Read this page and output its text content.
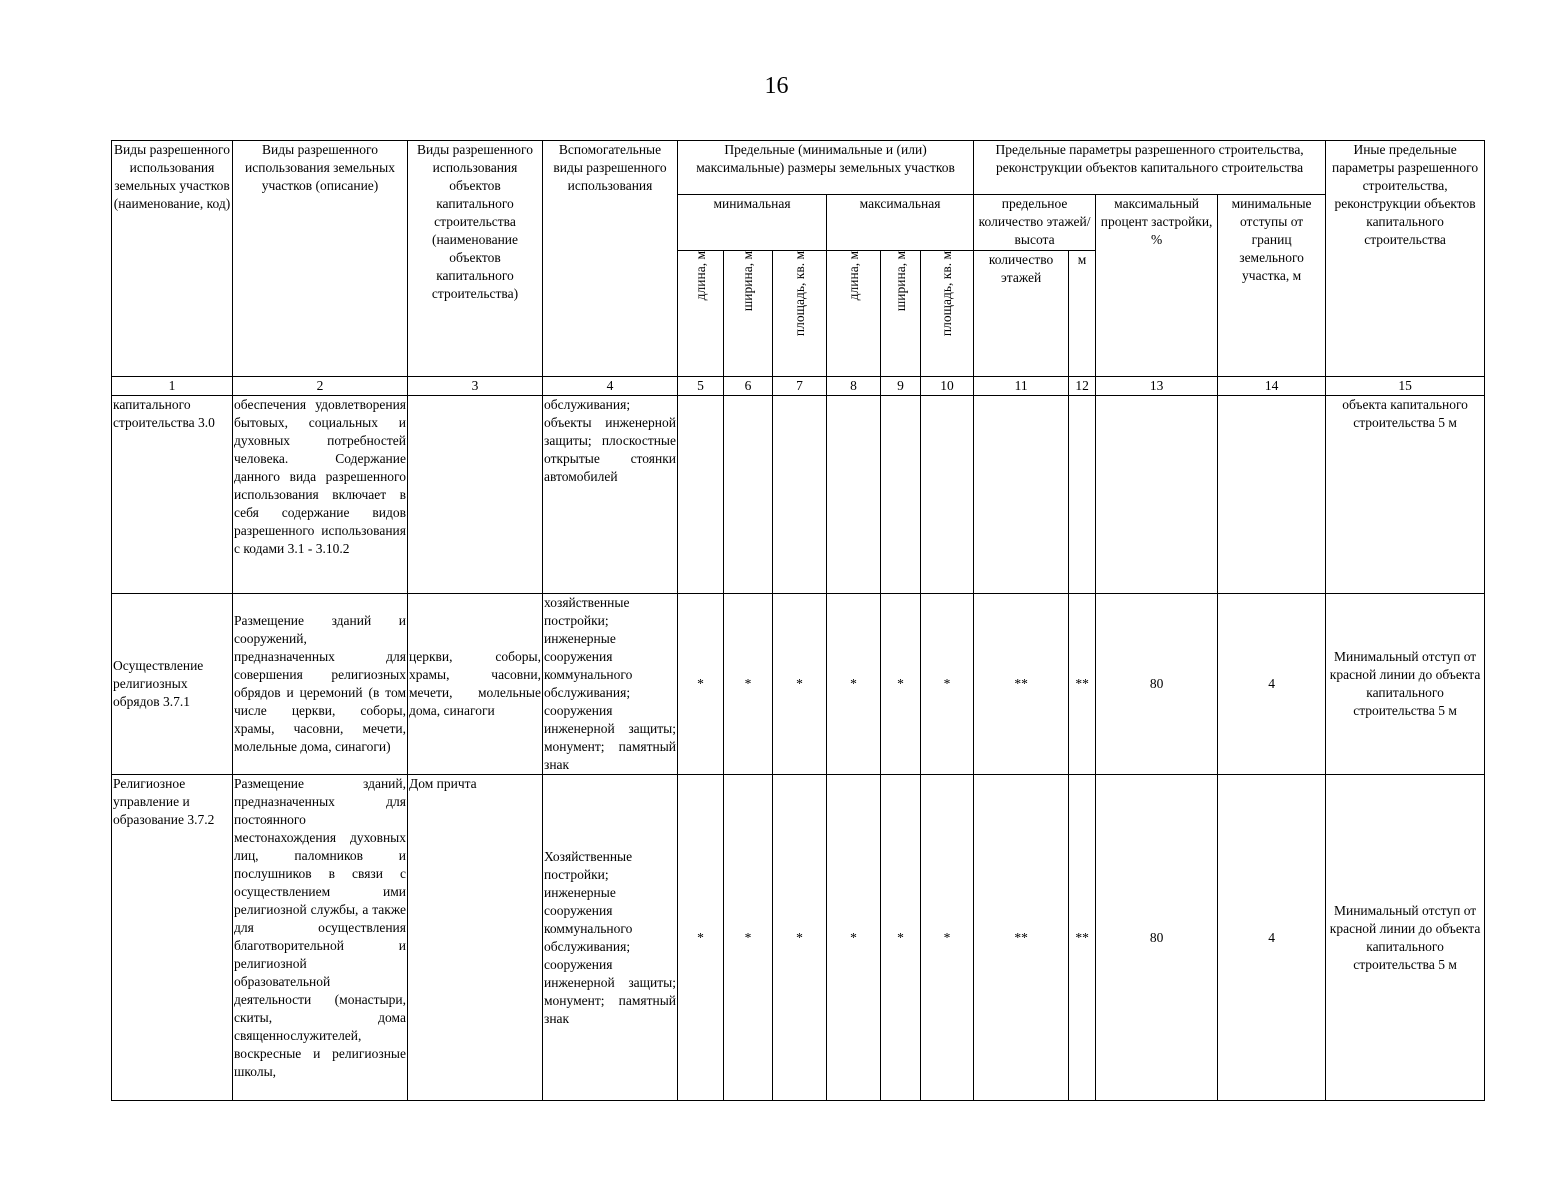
16
Виды разрешенного использования земельных участков (наименование, код)	Виды разрешенного использования земельных участков (описание)	Виды разрешенного использования объектов капитального строительства (наименование объектов капитального строительства)	Вспомогательные виды разрешенного использования	Предельные (минимальные и (или) максимальные) размеры земельных участков						Предельные параметры разрешенного строительства, реконструкции объектов капитального строительства				Иные предельные параметры разрешенного строительства, реконструкции объектов капитального строительства
				минимальная			максимальная			предельное количество этажей/высота		максимальный процент застройки, %	минимальные отступы от границ земельного участка, м	

				длина, м	ширина, м	площадь, кв. м	длина, м	ширина, м	площадь, кв. м	количество этажей	м			
1	2	3	4	5	6	7	8	9	10	11	12	13	14	15
капитального строительства 3.0	обеспечения удовлетворения бытовых, социальных и духовных потребностей человека. Содержание данного вида разрешенного использования включает в себя содержание видов разрешенного использования с кодами 3.1 - 3.10.2		обслуживания; объекты инженерной защиты; плоскостные открытые стоянки автомобилей											объекта капитального строительства 5 м
Осуществление религиозных обрядов 3.7.1	Размещение зданий и сооружений, предназначенных для совершения религиозных обрядов и церемоний (в том числе церкви, соборы, храмы, часовни, мечети, молельные дома, синагоги)	церкви, соборы, храмы, часовни, мечети, молельные дома, синагоги	хозяйственные постройки; инженерные сооружения коммунального обслуживания; сооружения инженерной защиты; монумент; памятный знак	*	*	*	*	*	*	**	**	80	4	Минимальный отступ от красной линии до объекта капитального строительства 5 м
Религиозное управление и образование 3.7.2	Размещение зданий, предназначенных для постоянного местонахождения духовных лиц, паломников и послушников в связи с осуществлением ими религиозной службы, а также для осуществления благотворительной и религиозной образовательной деятельности (монастыри, скиты, дома священнослужителей, воскресные и религиозные школы,	Дом причта	Хозяйственные постройки; инженерные сооружения коммунального обслуживания; сооружения инженерной защиты; монумент; памятный знак	*	*	*	*	*	*	**	**	80	4	Минимальный отступ от красной линии до объекта капитального строительства 5 м
